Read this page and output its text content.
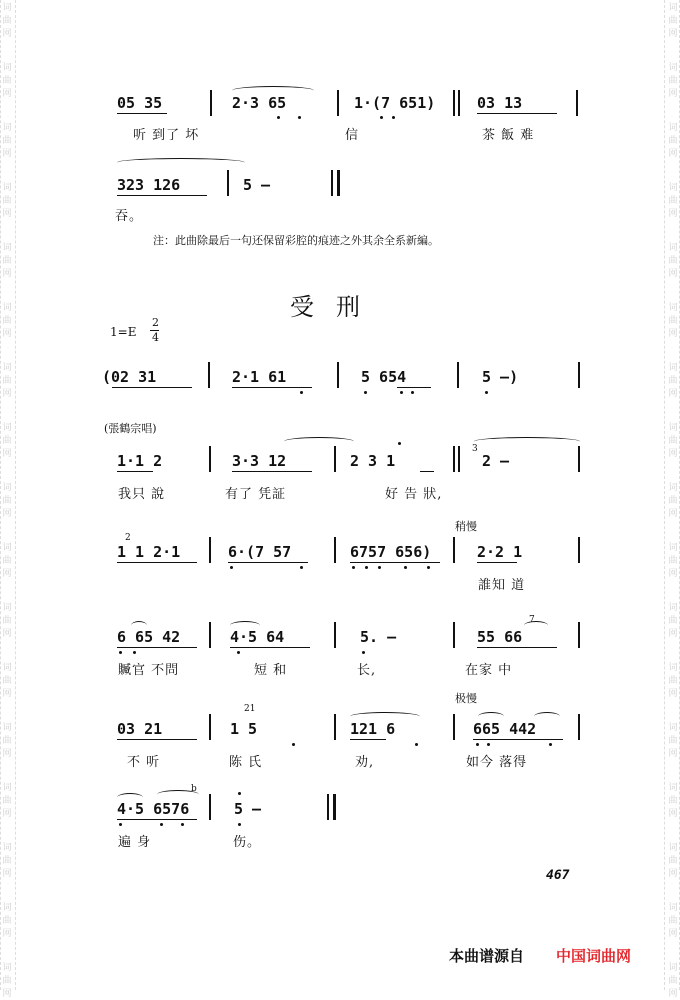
词
曲
网
词
曲
网
词
曲
网
词
曲
网
词
曲
网
词
曲
网
词
曲
网
词
曲
网
词
曲
网
词
曲
网
词
曲
网
词
曲
网
词
曲
网
词
曲
网
词
曲
网
词
曲
网
词
曲
网
词
曲
网
词
曲
网
词
曲
网
词
曲
网
词
曲
网
词
曲
网
词
曲
网
词
曲
网
词
曲
网
词
曲
网
词
曲
网
词
曲
网
词
曲
网
词
曲
网
词
曲
网
词
曲
网
词
曲
网
05 35	2·3 65	1·(7 651)	03 13
听 到了 坏	信	茶 飯 难
323 126	5 —
吞。
注：此曲除最后一句还保留彩腔的痕迹之外其余全系新編。
受刑
1=E
2
4
(02 31	2·1 61	5 654	5 —)
(張鶴宗唱)
1·1 2	3·3 12	2 3 1
3
2 —
我只 說	有了 凭証	好 告 狀,
稍慢
2
1 1 2·1	6·(7 57	6757 656)	2·2 1
誰知 道
7
6 65 42	4·5 64	5. —	55 66
贓官 不問	短 和	长,	在家 中
极慢
21
03 21	1 5	121 6	665 442
不 听	陈 氏	劝,	如今 落得
b
4·5 6576	5 —
遍 身	伤。
467
本曲谱源自 中国词曲网
